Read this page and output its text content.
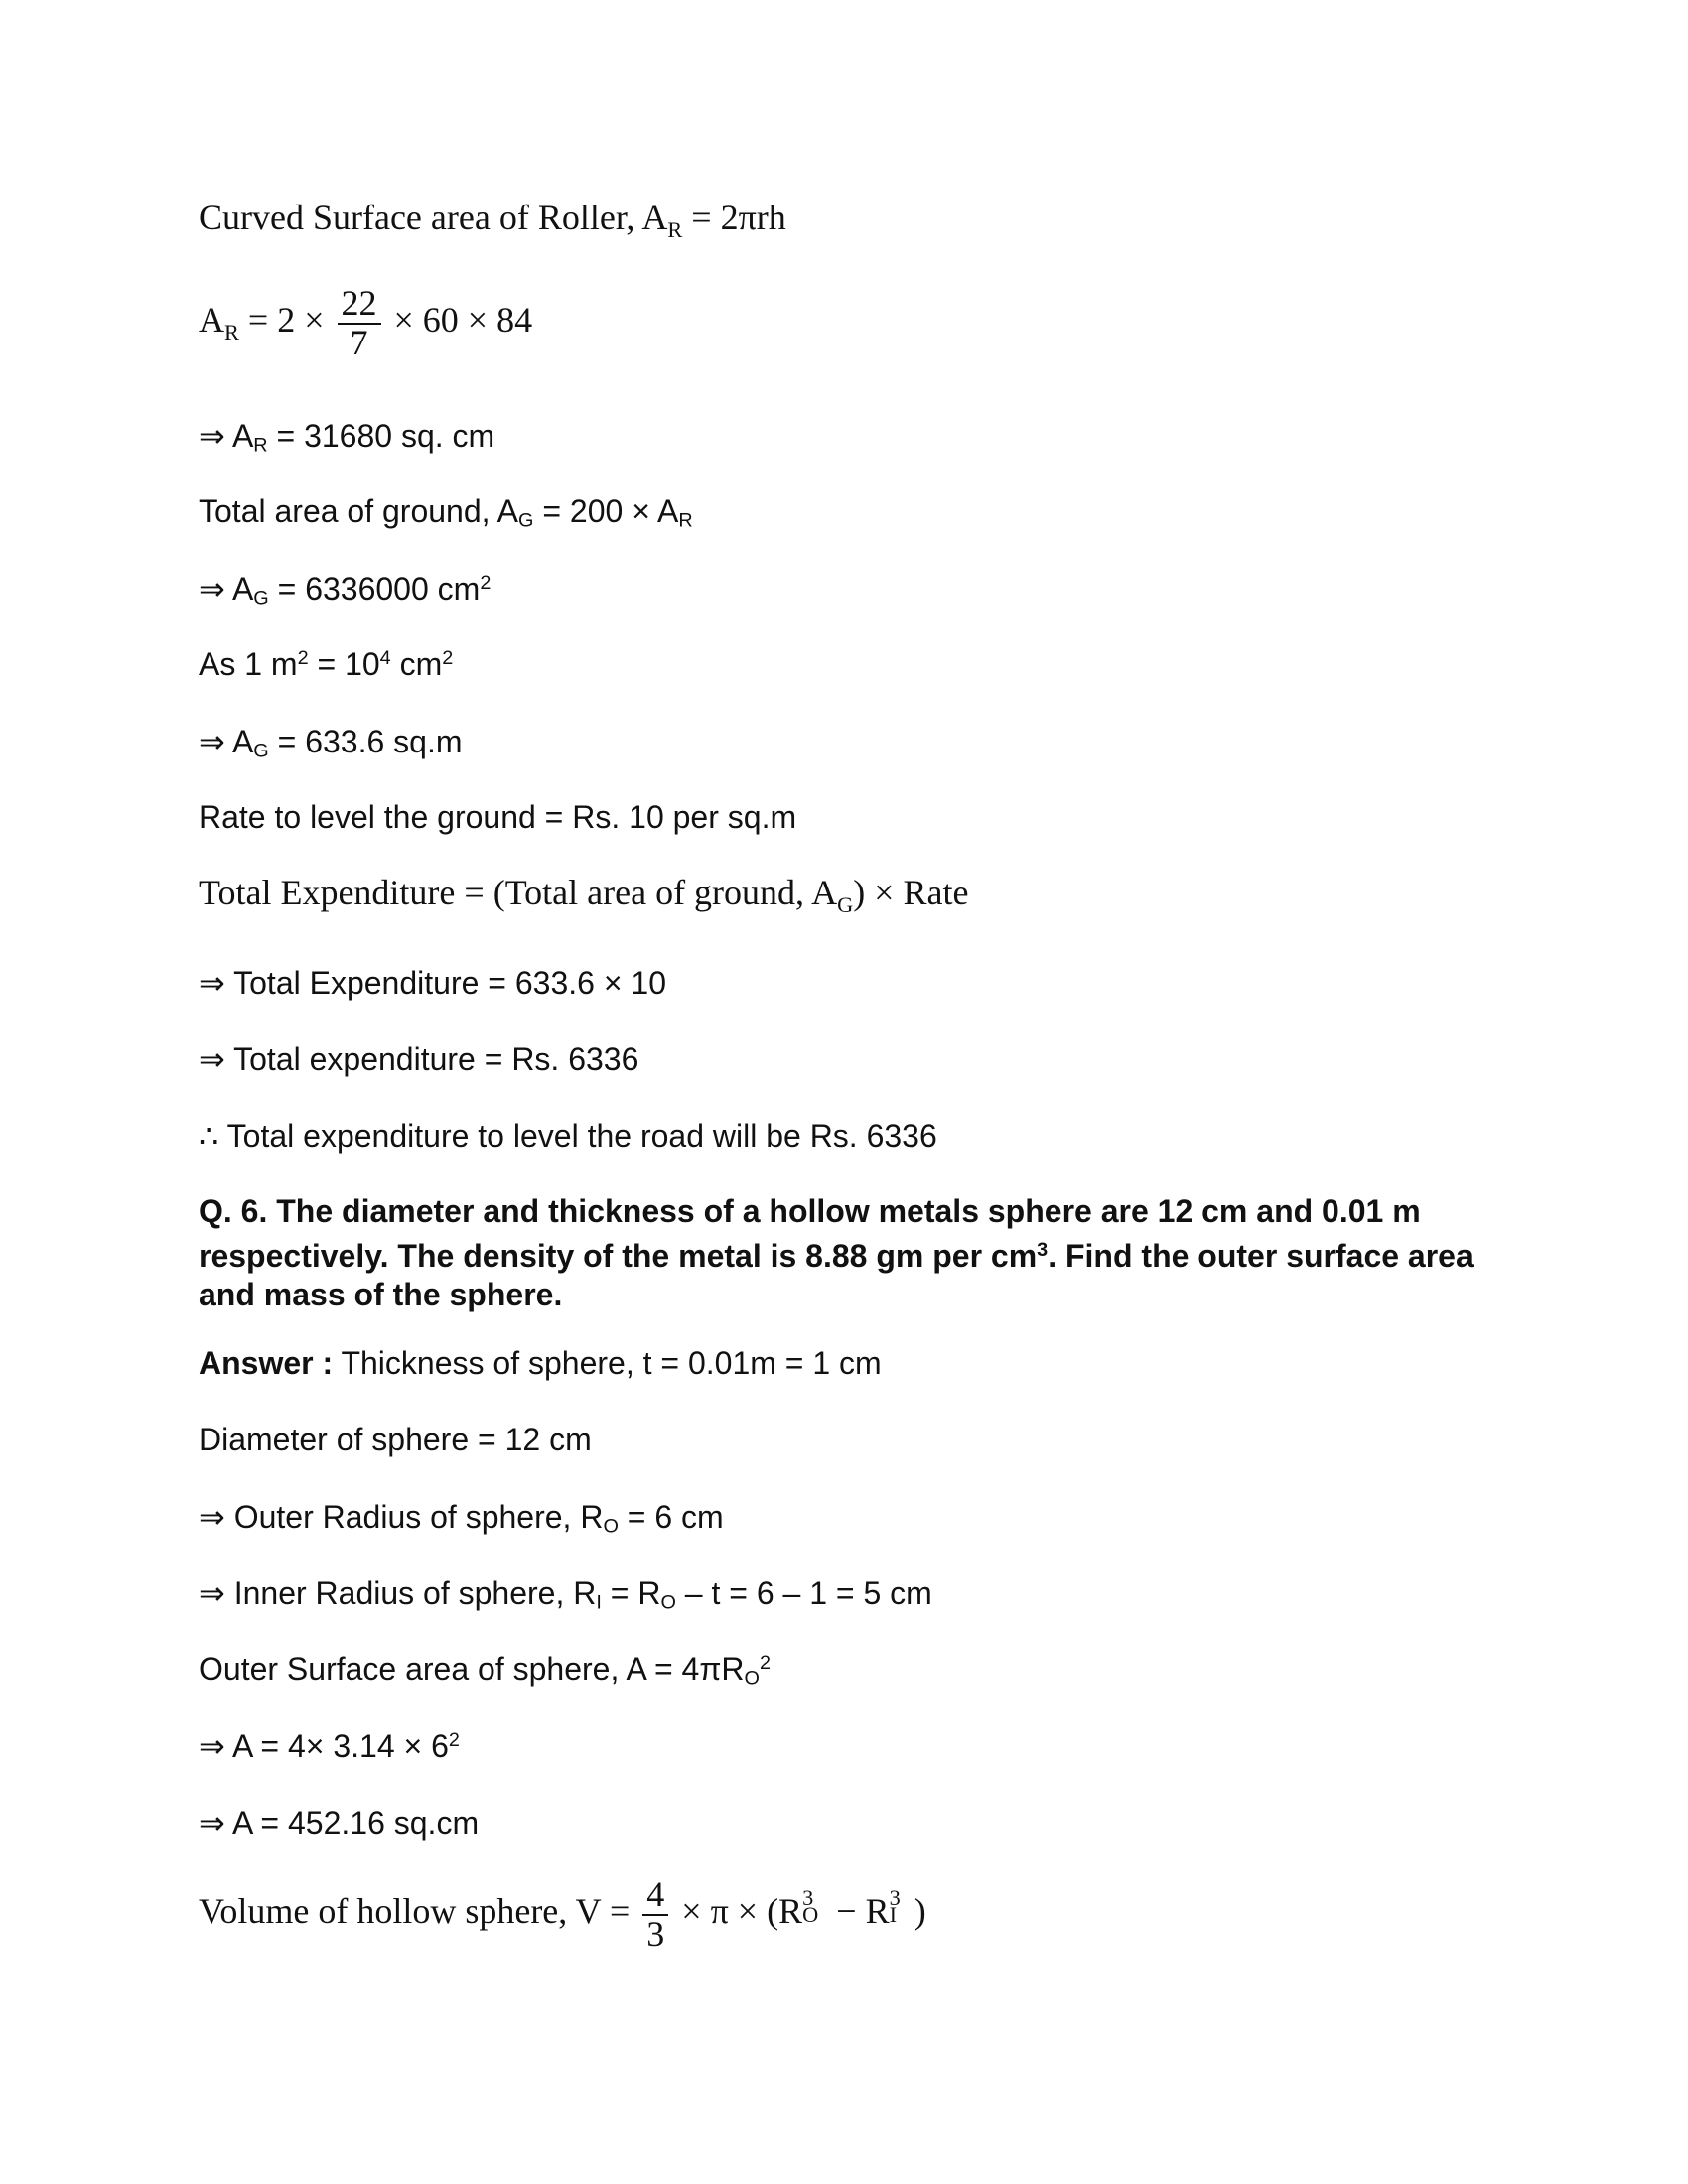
Curved Surface area of Roller, $A_R = 2\pi rh$
$A_R = 2 \times \frac{22}{7} \times 60 \times 84$
⇒ $A_R = 31680$ sq. cm
Total area of ground, $A_G = 200 \times A_R$
⇒ $A_G = 6336000$ $cm^2$
As 1 $m^2 = 10^4$ $cm^2$
⇒ $A_G = 633.6$ sq.m
Rate to level the ground = Rs. 10 per sq.m
Total Expenditure = (Total area of ground, $A_G$) × Rate
⇒ Total Expenditure = 633.6 × 10
⇒ Total expenditure = Rs. 6336
∴ Total expenditure to level the road will be Rs. 6336
Q. 6. The diameter and thickness of a hollow metals sphere are 12 cm and 0.01 m respectively. The density of the metal is 8.88 gm per $cm^3$. Find the outer surface area and mass of the sphere.
Answer : Thickness of sphere, t = 0.01m = 1 cm
Diameter of sphere = 12 cm
⇒ Outer Radius of sphere, $R_O = 6$ cm
⇒ Inner Radius of sphere, $R_I = R_O - t = 6 - 1 = 5$ cm
Outer Surface area of sphere, $A = 4\pi R_O^2$
⇒ $A = 4\times 3.14 \times 6^2$
⇒ A = 452.16 sq.cm
Volume of hollow sphere, $V = \frac{4}{3} \times \pi \times (R$ 3
O − R 3
I )
